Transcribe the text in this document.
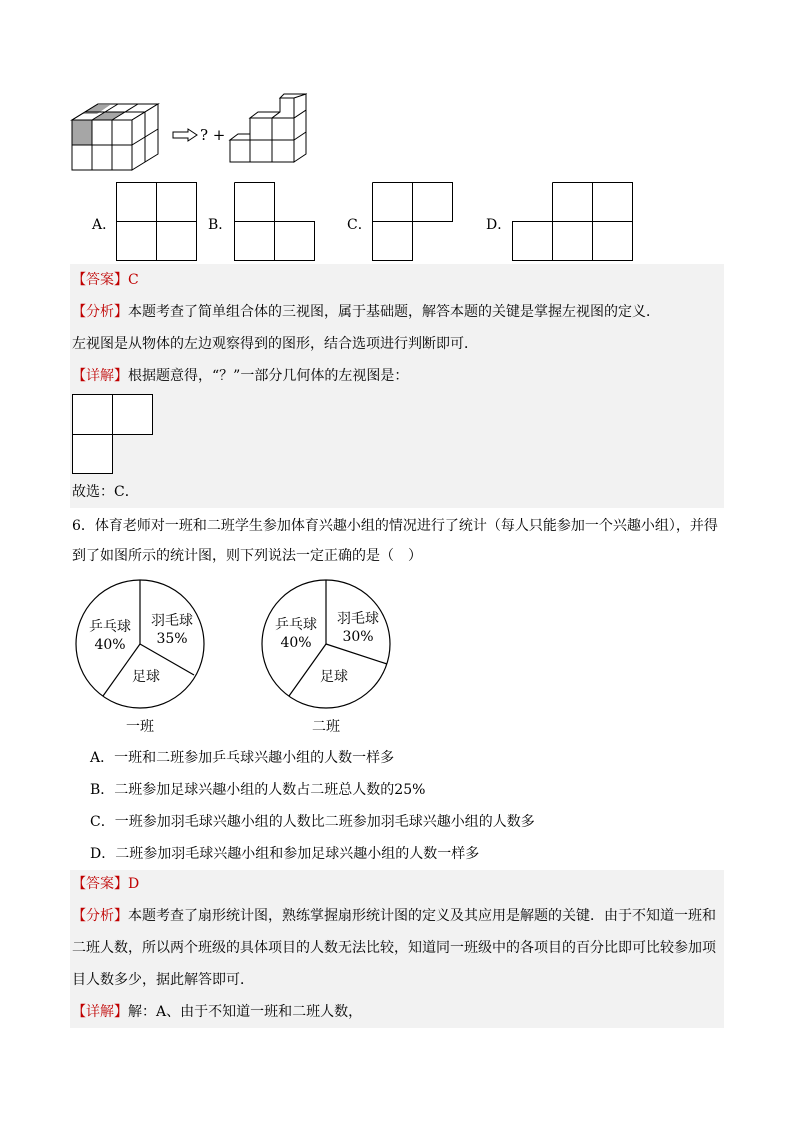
? +
A．	B．	C．	D．
【答案】C
【分析】本题考查了简单组合体的三视图，属于基础题，解答本题的关键是掌握左视图的定义．
左视图是从物体的左边观察得到的图形，结合选项进行判断即可．
【详解】根据题意得，“？”一部分几何体的左视图是：
故选：C．
6．体育老师对一班和二班学生参加体育兴趣小组的情况进行了统计（每人只能参加一个兴趣小组），并得
到了如图所示的统计图，则下列说法一定正确的是（　）
乒乓球
40%
羽毛球
35%
足球
一班
乒乓球
40%
羽毛球
30%
足球
二班
A．一班和二班参加乒乓球兴趣小组的人数一样多
B．二班参加足球兴趣小组的人数占二班总人数的25%
C．一班参加羽毛球兴趣小组的人数比二班参加羽毛球兴趣小组的人数多
D．二班参加羽毛球兴趣小组和参加足球兴趣小组的人数一样多
【答案】D
【分析】本题考查了扇形统计图，熟练掌握扇形统计图的定义及其应用是解题的关键．由于不知道一班和
二班人数，所以两个班级的具体项目的人数无法比较，知道同一班级中的各项目的百分比即可比较参加项
目人数多少，据此解答即可．
【详解】解：A、由于不知道一班和二班人数，
